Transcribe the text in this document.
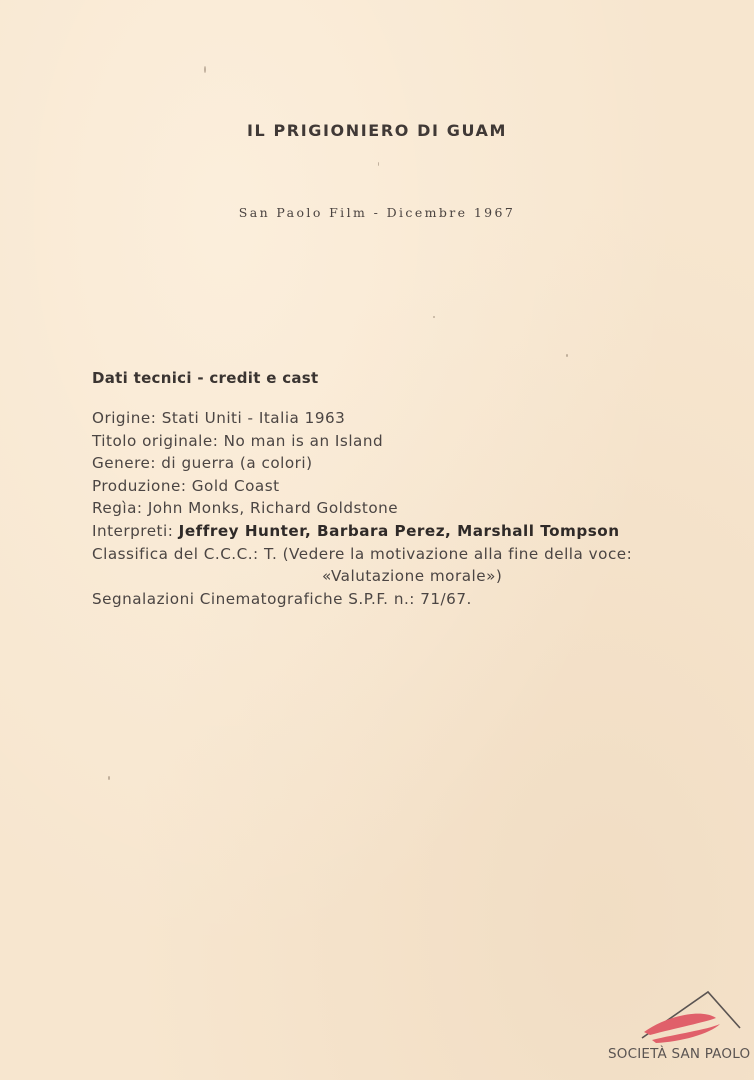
IL PRIGIONIERO DI GUAM
San Paolo Film - Dicembre 1967
Dati tecnici - credit e cast
Origine: Stati Uniti - Italia 1963
Titolo originale: No man is an Island
Genere: di guerra (a colori)
Produzione: Gold Coast
Regìa: John Monks, Richard Goldstone
Interpreti: Jeffrey Hunter, Barbara Perez, Marshall Tompson
Classifica del C.C.C.: T. (Vedere la motivazione alla fine della voce:
«Valutazione morale»)
Segnalazioni Cinematografiche S.P.F. n.: 71/67.
SOCIETÀ SAN PAOLO
